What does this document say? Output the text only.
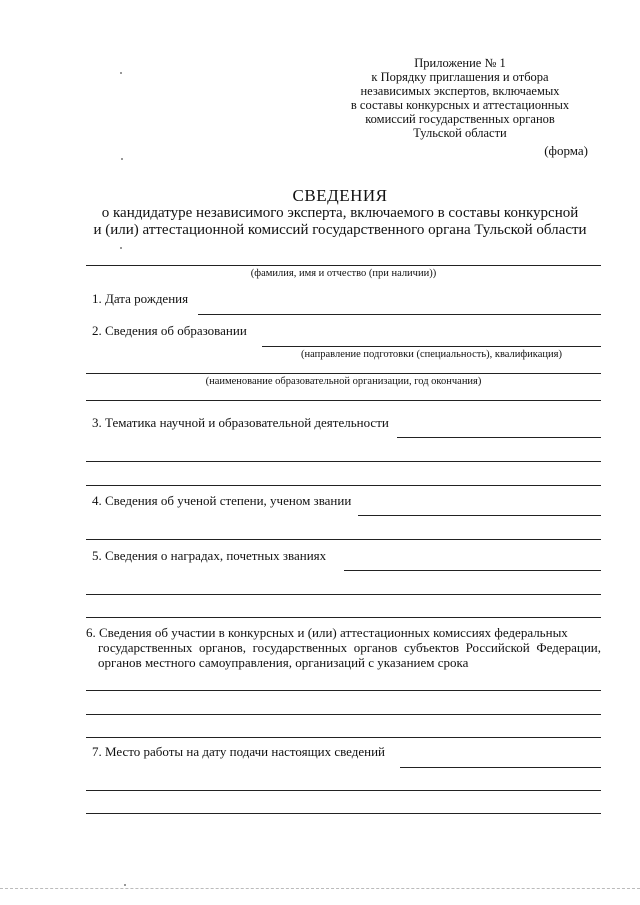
Приложение № 1
к Порядку приглашения и отбора
независимых экспертов, включаемых
в составы конкурсных и аттестационных
комиссий государственных органов
Тульской области
(форма)
СВЕДЕНИЯ
о кандидатуре независимого эксперта, включаемого в составы конкурсной
и (или) аттестационной комиссий государственного органа Тульской области
(фамилия, имя и отчество (при наличии))
1. Дата рождения
2. Сведения об образовании
(направление подготовки (специальность), квалификация)
(наименование образовательной организации, год окончания)
3. Тематика научной и образовательной деятельности
4. Сведения об ученой степени, ученом звании
5. Сведения о наградах, почетных званиях
6. Сведения об участии в конкурсных и (или) аттестационных комиссиях федеральных
государственных органов, государственных органов субъектов Российской Федерации, органов местного самоуправления, организаций с указанием срока
7. Место работы на дату подачи настоящих сведений
